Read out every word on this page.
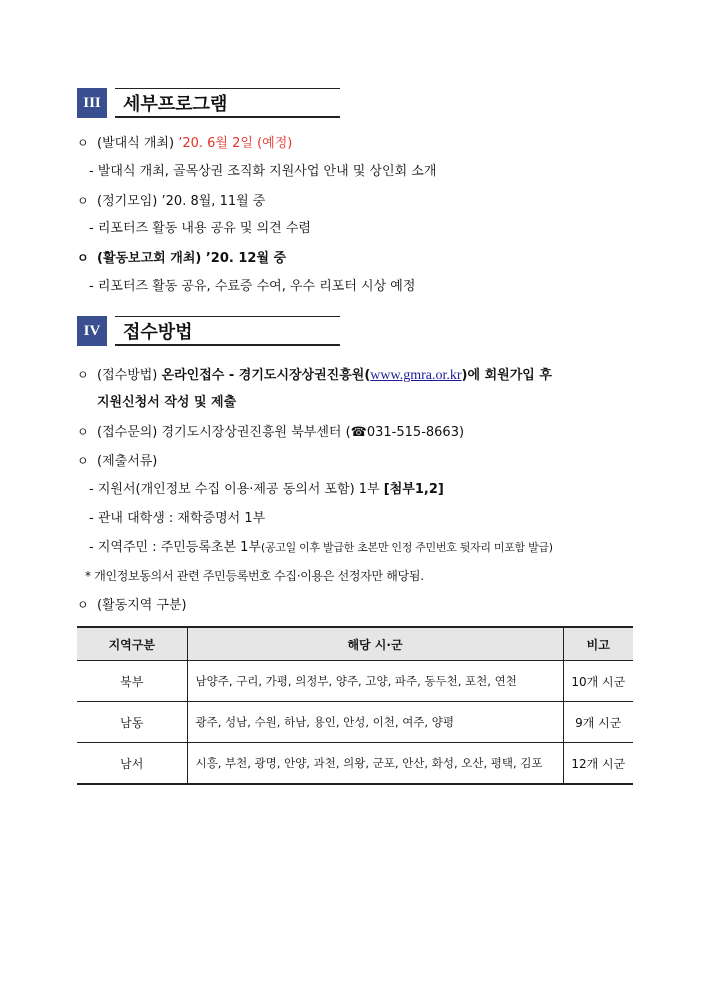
III	세부프로그램
ㅇ (발대식 개최) ’20. 6월 2일 (예정)
- 발대식 개최, 골목상권 조직화 지원사업 안내 및 상인회 소개
ㅇ (정기모임) ’20. 8월, 11월 중
- 리포터즈 활동 내용 공유 및 의견 수렴
ㅇ (활동보고회 개최) ’20. 12월 중
- 리포터즈 활동 공유, 수료증 수여, 우수 리포터 시상 예정
IV	접수방법
ㅇ (접수방법) 온라인접수 - 경기도시장상권진흥원(www.gmra.or.kr)에 회원가입 후
지원신청서 작성 및 제출
ㅇ (접수문의) 경기도시장상권진흥원 북부센터 (☎031-515-8663)
ㅇ (제출서류)
- 지원서(개인정보 수집 이용·제공 동의서 포함) 1부 [첨부1,2]
- 관내 대학생 : 재학증명서 1부
- 지역주민 : 주민등록초본 1부(공고일 이후 발급한 초본만 인정 주민번호 뒷자리 미포함 발급)
* 개인정보동의서 관련 주민등록번호 수집·이용은 선정자만 해당됨.
ㅇ (활동지역 구분)
지역구분	해당 시·군	비고
북부	남양주, 구리, 가평, 의정부, 양주, 고양, 파주, 동두천, 포천, 연천	10개 시군
남동	광주, 성남, 수원, 하남, 용인, 안성, 이천, 여주, 양평	9개 시군
남서	시흥, 부천, 광명, 안양, 과천, 의왕, 군포, 안산, 화성, 오산, 평택, 김포	12개 시군
